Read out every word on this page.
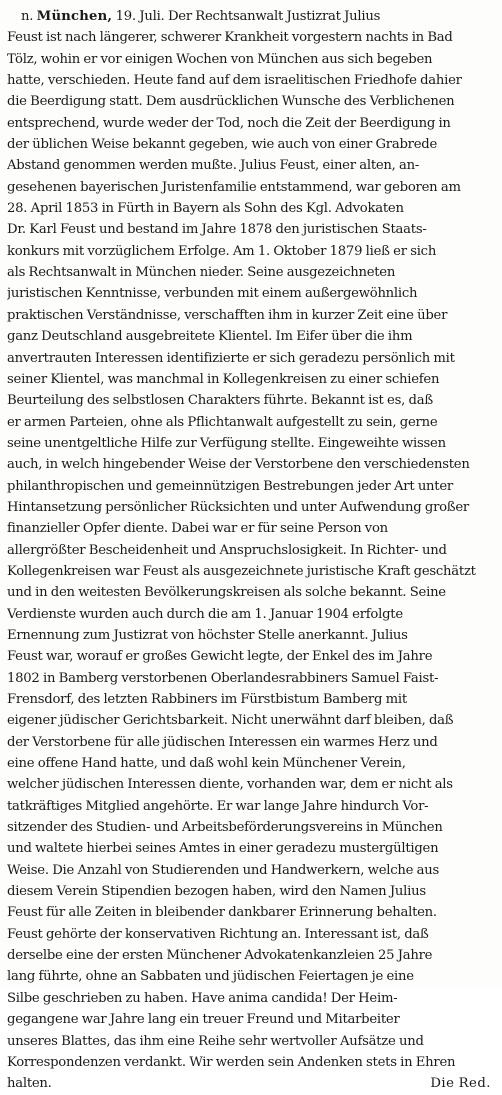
n. München, 19. Juli. Der Rechtsanwalt Justizrat Julius
Feust ist nach längerer, schwerer Krankheit vorgestern nachts in Bad
Tölz, wohin er vor einigen Wochen von München aus sich begeben
hatte, verschieden. Heute fand auf dem israelitischen Friedhofe dahier
die Beerdigung statt. Dem ausdrücklichen Wunsche des Verblichenen
entsprechend, wurde weder der Tod, noch die Zeit der Beerdigung in
der üblichen Weise bekannt gegeben, wie auch von einer Grabrede
Abstand genommen werden mußte. Julius Feust, einer alten, an-
gesehenen bayerischen Juristenfamilie entstammend, war geboren am
28. April 1853 in Fürth in Bayern als Sohn des Kgl. Advokaten
Dr. Karl Feust und bestand im Jahre 1878 den juristischen Staats-
konkurs mit vorzüglichem Erfolge. Am 1. Oktober 1879 ließ er sich
als Rechtsanwalt in München nieder. Seine ausgezeichneten
juristischen Kenntnisse, verbunden mit einem außergewöhnlich
praktischen Verständnisse, verschafften ihm in kurzer Zeit eine über
ganz Deutschland ausgebreitete Klientel. Im Eifer über die ihm
anvertrauten Interessen identifizierte er sich geradezu persönlich mit
seiner Klientel, was manchmal in Kollegenkreisen zu einer schiefen
Beurteilung des selbstlosen Charakters führte. Bekannt ist es, daß
er armen Parteien, ohne als Pflichtanwalt aufgestellt zu sein, gerne
seine unentgeltliche Hilfe zur Verfügung stellte. Eingeweihte wissen
auch, in welch hingebender Weise der Verstorbene den verschiedensten
philanthropischen und gemeinnützigen Bestrebungen jeder Art unter
Hintansetzung persönlicher Rücksichten und unter Aufwendung großer
finanzieller Opfer diente. Dabei war er für seine Person von
allergrößter Bescheidenheit und Anspruchslosigkeit. In Richter- und
Kollegenkreisen war Feust als ausgezeichnete juristische Kraft geschätzt
und in den weitesten Bevölkerungskreisen als solche bekannt. Seine
Verdienste wurden auch durch die am 1. Januar 1904 erfolgte
Ernennung zum Justizrat von höchster Stelle anerkannt. Julius
Feust war, worauf er großes Gewicht legte, der Enkel des im Jahre
1802 in Bamberg verstorbenen Oberlandesrabbiners Samuel Faist-
Frensdorf, des letzten Rabbiners im Fürstbistum Bamberg mit
eigener jüdischer Gerichtsbarkeit. Nicht unerwähnt darf bleiben, daß
der Verstorbene für alle jüdischen Interessen ein warmes Herz und
eine offene Hand hatte, und daß wohl kein Münchener Verein,
welcher jüdischen Interessen diente, vorhanden war, dem er nicht als
tatkräftiges Mitglied angehörte. Er war lange Jahre hindurch Vor-
sitzender des Studien- und Arbeitsbeförderungsvereins in München
und waltete hierbei seines Amtes in einer geradezu mustergültigen
Weise. Die Anzahl von Studierenden und Handwerkern, welche aus
diesem Verein Stipendien bezogen haben, wird den Namen Julius
Feust für alle Zeiten in bleibender dankbarer Erinnerung behalten.
Feust gehörte der konservativen Richtung an. Interessant ist, daß
derselbe eine der ersten Münchener Advokatenkanzleien 25 Jahre
lang führte, ohne an Sabbaten und jüdischen Feiertagen je eine
Silbe geschrieben zu haben. Have anima candida! Der Heim-
gegangene war Jahre lang ein treuer Freund und Mitarbeiter
unseres Blattes, das ihm eine Reihe sehr wertvoller Aufsätze und
Korrespondenzen verdankt. Wir werden sein Andenken stets in Ehren
halten.	Die Red.
